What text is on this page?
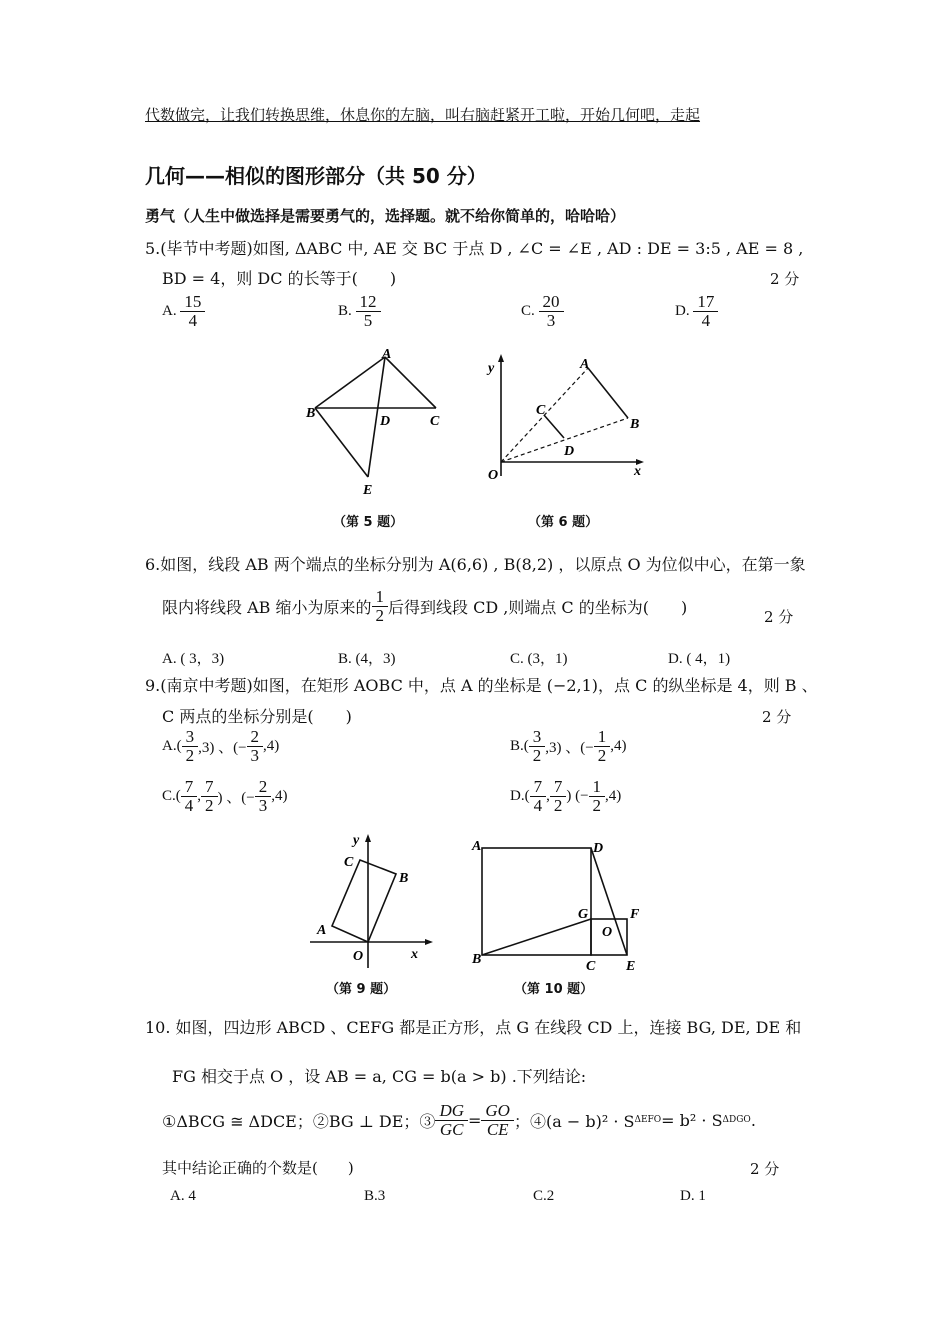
代数做完，让我们转换思维，休息你的左脑，叫右脑赶紧开工啦，开始几何吧，走起
几何——相似的图形部分（共 50 分）
勇气（人生中做选择是需要勇气的，选择题。就不给你简单的，哈哈哈）
5.(毕节中考题)如图, ΔABC 中, AE 交 BC 于点 D , ∠C = ∠E , AD : DE = 3:5 , AE = 8 ,
BD = 4，则 DC 的长等于(　　)	2 分
A. $\frac{15}{4}$	B. $\frac{12}{5}$	C. $\frac{20}{3}$	D. $\frac{17}{4}$
A
B
C
D
E
（第 5 题）
y
x
O
A
B
C
D
（第 6 题）
6.如图，线段 AB 两个端点的坐标分别为 A(6,6) , B(8,2) ，以原点 O 为位似中心，在第一象
限内将线段 AB 缩小为原来的 $\frac{1}{2}$ 后得到线段 CD ,则端点 C 的坐标为(　　)
2 分
A. ( 3，3)	B. (4，3)	C. (3，1)	D. ( 4，1)
9.(南京中考题)如图，在矩形 AOBC 中，点 A 的坐标是 (−2,1)，点 C 的纵坐标是 4，则 B 、
C 两点的坐标分别是(　　)	2 分
A. ( $\frac{3}{2} ,3$) 、(− $\frac{2}{3} ,4$)	B. ( $\frac{3}{2} ,3$) 、(− $\frac{1}{2} ,4$)
C. ( $\frac{7}{4}$ , $\frac{7}{2}$ ) 、(− $\frac{2}{3} ,4$)	D. ( $\frac{7}{4}$ , $\frac{7}{2}$ ) (− $\frac{1}{2} ,4$)
y
x
O
A
B
C
（第 9 题）
A
B	C
D
E
F
G
O
（第 10 题）
10. 如图，四边形 ABCD 、CEFG 都是正方形，点 G 在线段 CD 上，连接 BG, DE, DE 和
FG 相交于点 O ，设 AB = a, CG = b(a > b) .下列结论:
①ΔBCG ≅ ΔDCE；②BG ⊥ DE；③ $\frac{DG}{GC} = \frac{GO}{CE}$ ；④(a − b)² · S ΔEFO = b² · S ΔDGO .
其中结论正确的个数是(　　)	2 分
A. 4	B.3	C.2	D. 1
